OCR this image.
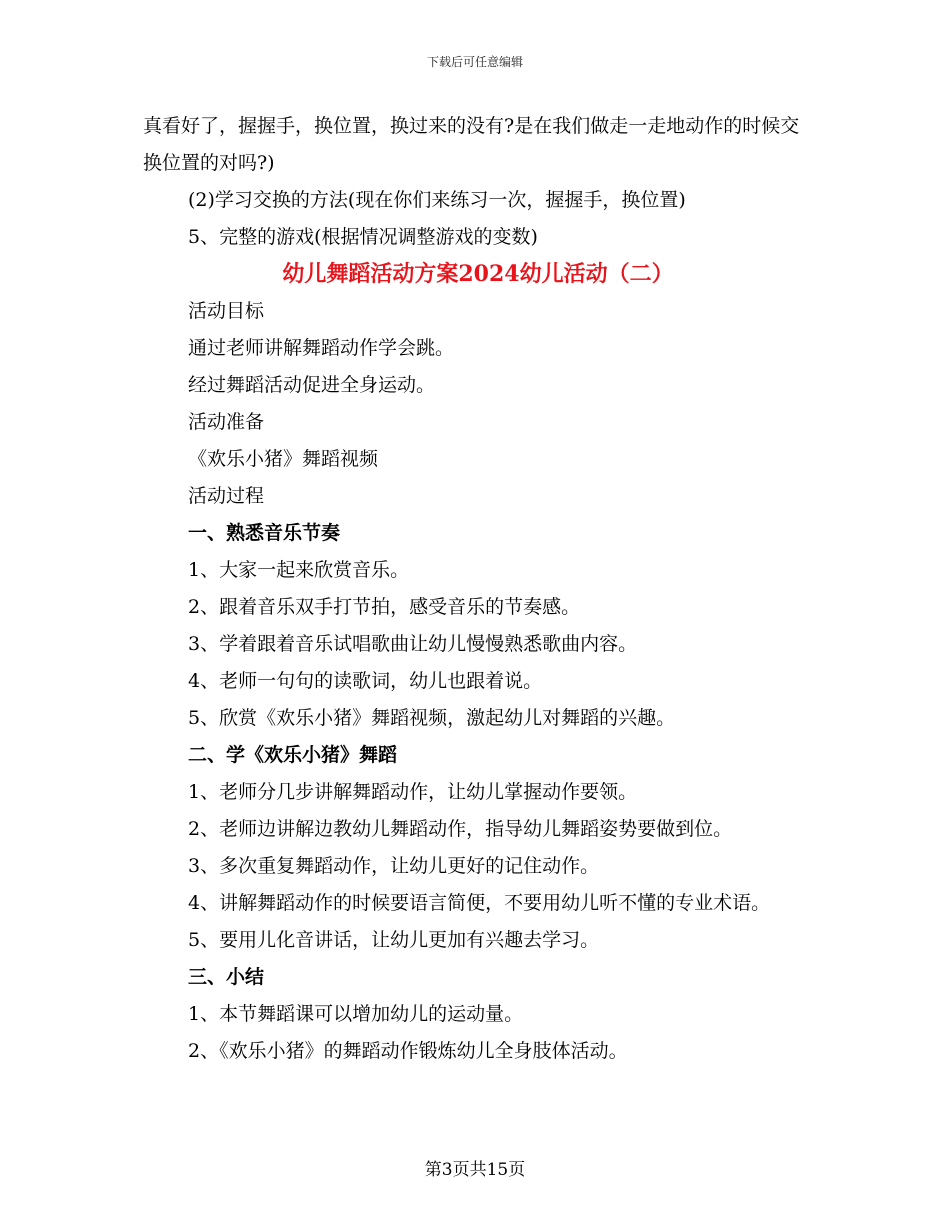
下载后可任意编辑

真看好了，握握手，换位置，换过来的没有?是在我们做走一走地动作的时候交换位置的对吗?)

(2)学习交换的方法(现在你们来练习一次，握握手，换位置)

5、完整的游戏(根据情况调整游戏的变数)

幼儿舞蹈活动方案2024幼儿活动（二）

活动目标

通过老师讲解舞蹈动作学会跳。

经过舞蹈活动促进全身运动。

活动准备

《欢乐小猪》舞蹈视频

活动过程

一、熟悉音乐节奏

1、大家一起来欣赏音乐。

2、跟着音乐双手打节拍，感受音乐的节奏感。

3、学着跟着音乐试唱歌曲让幼儿慢慢熟悉歌曲内容。

4、老师一句句的读歌词，幼儿也跟着说。

5、欣赏《欢乐小猪》舞蹈视频，激起幼儿对舞蹈的兴趣。

二、学《欢乐小猪》舞蹈

1、老师分几步讲解舞蹈动作，让幼儿掌握动作要领。

2、老师边讲解边教幼儿舞蹈动作，指导幼儿舞蹈姿势要做到位。

3、多次重复舞蹈动作，让幼儿更好的记住动作。

4、讲解舞蹈动作的时候要语言简便，不要用幼儿听不懂的专业术语。

5、要用儿化音讲话，让幼儿更加有兴趣去学习。

三、小结

1、本节舞蹈课可以增加幼儿的运动量。

2、《欢乐小猪》的舞蹈动作锻炼幼儿全身肢体活动。

第3页共15页
